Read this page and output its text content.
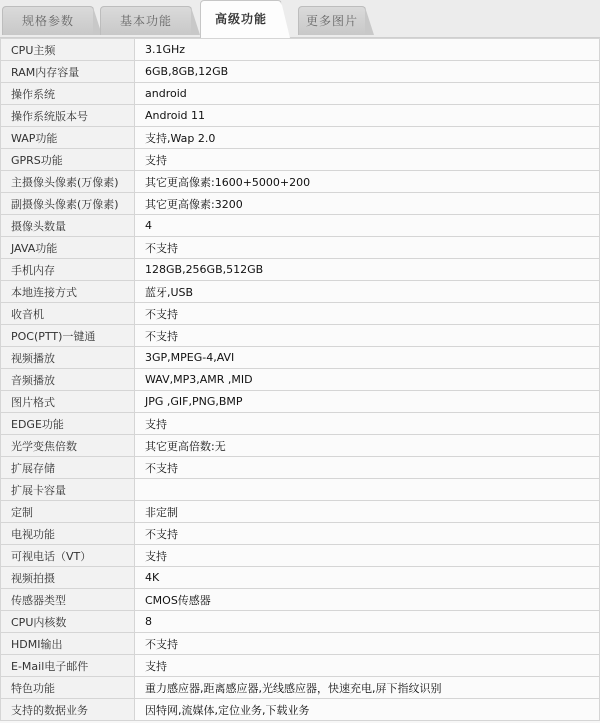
规格参数	基本功能	高级功能	更多图片
CPU主频	3.1GHz
RAM内存容量	6GB,8GB,12GB
操作系统	android
操作系统版本号	Android 11
WAP功能	支持,Wap 2.0
GPRS功能	支持
主摄像头像素(万像素)	其它更高像素:1600+5000+200
副摄像头像素(万像素)	其它更高像素:3200
摄像头数量	4
JAVA功能	不支持
手机内存	128GB,256GB,512GB
本地连接方式	蓝牙,USB
收音机	不支持
POC(PTT)一键通	不支持
视频播放	3GP,MPEG-4,AVI
音频播放	WAV,MP3,AMR ,MID
图片格式	JPG ,GIF,PNG,BMP
EDGE功能	支持
光学变焦倍数	其它更高倍数:无
扩展存储	不支持
扩展卡容量	
定制	非定制
电视功能	不支持
可视电话（VT）	支持
视频拍摄	4K
传感器类型	CMOS传感器
CPU内核数	8
HDMI输出	不支持
E-Mail电子邮件	支持
特色功能	重力感应器,距离感应器,光线感应器，快速充电,屏下指纹识别
支持的数据业务	因特网,流媒体,定位业务,下载业务
